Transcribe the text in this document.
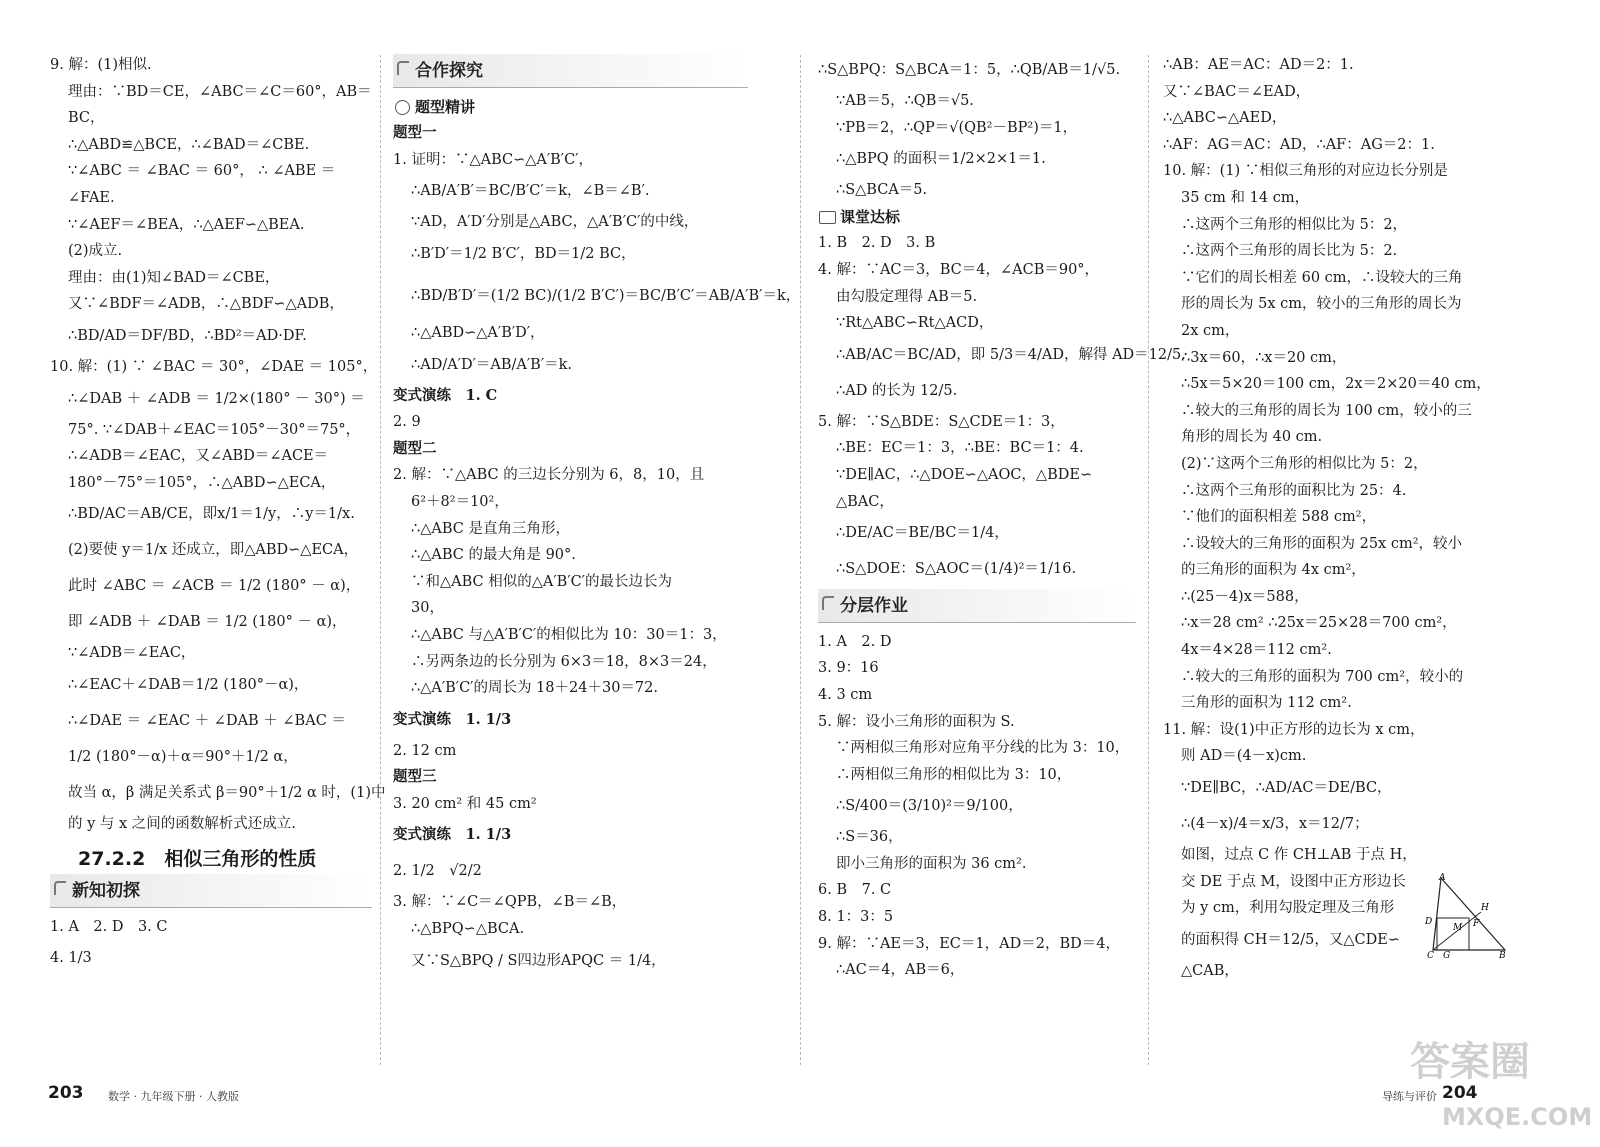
9. 解：(1)相似.
理由：∵BD＝CE，∠ABC＝∠C＝60°，AB＝
BC，
∴△ABD≌△BCE，∴∠BAD＝∠CBE.
∵∠ABC ＝ ∠BAC ＝ 60°， ∴ ∠ABE ＝
∠FAE.
∵∠AEF＝∠BEA，∴△AEF∽△BEA.
(2)成立.
理由：由(1)知∠BAD＝∠CBE，
又∵∠BDF＝∠ADB，∴△BDF∽△ADB，
∴BD/AD＝DF/BD，∴BD²＝AD·DF.
10. 解：(1) ∵ ∠BAC ＝ 30°，∠DAE ＝ 105°，
∴∠DAB ＋ ∠ADB ＝ 1/2×(180° － 30°) ＝
75°. ∵∠DAB＋∠EAC＝105°－30°＝75°，
∴∠ADB＝∠EAC，又∠ABD＝∠ACE＝
180°－75°＝105°，∴△ABD∽△ECA，
∴BD/AC＝AB/CE，即x/1＝1/y，∴y＝1/x.
(2)要使 y＝1/x 还成立，即△ABD∽△ECA，
此时 ∠ABC ＝ ∠ACB ＝ 1/2 (180° － α)，
即 ∠ADB ＋ ∠DAB ＝ 1/2 (180° － α)，
∵∠ADB＝∠EAC，
∴∠EAC＋∠DAB＝1/2 (180°－α)，
∴∠DAE ＝ ∠EAC ＋ ∠DAB ＋ ∠BAC ＝
1/2 (180°－α)＋α＝90°＋1/2 α，
故当 α，β 满足关系式 β＝90°＋1/2 α 时，(1)中
的 y 与 x 之间的函数解析式还成立.
27.2.2　相似三角形的性质
新知初探
1. A　2. D　3. C
4. 1/3
合作探究
题型精讲
题型一
1. 证明：∵△ABC∽△A′B′C′，
∴AB/A′B′＝BC/B′C′＝k，∠B＝∠B′.
∵AD，A′D′分别是△ABC，△A′B′C′的中线，
∴B′D′＝1/2 B′C′，BD＝1/2 BC，
∴BD/B′D′＝(1/2 BC)/(1/2 B′C′)＝BC/B′C′＝AB/A′B′＝k，
∴△ABD∽△A′B′D′，
∴AD/A′D′＝AB/A′B′＝k.
变式演练　1. C
2. 9
题型二
2. 解：∵△ABC 的三边长分别为 6，8，10，且
6²＋8²＝10²，
∴△ABC 是直角三角形，
∴△ABC 的最大角是 90°.
∵和△ABC 相似的△A′B′C′的最长边长为
30，
∴△ABC 与△A′B′C′的相似比为 10：30＝1：3，
∴另两条边的长分别为 6×3＝18，8×3＝24，
∴△A′B′C′的周长为 18＋24＋30＝72.
变式演练　1. 1/3
2. 12 cm
题型三
3. 20 cm² 和 45 cm²
变式演练　1. 1/3
2. 1/2　√2/2
3. 解：∵∠C＝∠QPB，∠B＝∠B，
∴△BPQ∽△BCA.
又∵S△BPQ / S四边形APQC ＝ 1/4，
∴S△BPQ：S△BCA＝1：5，∴QB/AB＝1/√5.
∵AB＝5，∴QB＝√5.
∵PB＝2，∴QP＝√(QB²－BP²)＝1，
∴△BPQ 的面积＝1/2×2×1＝1.
∴S△BCA＝5.
课堂达标
1. B　2. D　3. B
4. 解：∵AC＝3，BC＝4，∠ACB＝90°，
由勾股定理得 AB＝5.
∵Rt△ABC∽Rt△ACD，
∴AB/AC＝BC/AD，即 5/3＝4/AD，解得 AD＝12/5.
∴AD 的长为 12/5.
5. 解：∵S△BDE：S△CDE＝1：3，
∴BE：EC＝1：3，∴BE：BC＝1：4.
∵DE∥AC，∴△DOE∽△AOC，△BDE∽
△BAC，
∴DE/AC＝BE/BC＝1/4，
∴S△DOE：S△AOC＝(1/4)²＝1/16.
分层作业
1. A　2. D
3. 9：16
4. 3 cm
5. 解：设小三角形的面积为 S.
∵两相似三角形对应角平分线的比为 3：10，
∴两相似三角形的相似比为 3：10，
∴S/400＝(3/10)²＝9/100，
∴S＝36，
即小三角形的面积为 36 cm².
6. B　7. C
8. 1：3：5
9. 解：∵AE＝3，EC＝1，AD＝2，BD＝4，
∴AC＝4，AB＝6，
∴AB：AE＝AC：AD＝2：1.
又∵∠BAC＝∠EAD，
∴△ABC∽△AED，
∴AF：AG＝AC：AD，∴AF：AG＝2：1.
10. 解：(1) ∵相似三角形的对应边长分别是
35 cm 和 14 cm，
∴这两个三角形的相似比为 5：2，
∴这两个三角形的周长比为 5：2.
∵它们的周长相差 60 cm，∴设较大的三角
形的周长为 5x cm，较小的三角形的周长为
2x cm，
∴3x＝60，∴x＝20 cm，
∴5x＝5×20＝100 cm，2x＝2×20＝40 cm，
∴较大的三角形的周长为 100 cm，较小的三
角形的周长为 40 cm.
(2)∵这两个三角形的相似比为 5：2，
∴这两个三角形的面积比为 25：4.
∵他们的面积相差 588 cm²，
∴设较大的三角形的面积为 25x cm²，较小
的三角形的面积为 4x cm²，
∴(25－4)x＝588，
∴x＝28 cm² ∴25x＝25×28＝700 cm²，
4x＝4×28＝112 cm².
∴较大的三角形的面积为 700 cm²，较小的
三角形的面积为 112 cm².
11. 解：设(1)中正方形的边长为 x cm，
则 AD＝(4－x)cm.
∵DE∥BC，∴AD/AC＝DE/BC，
∴(4－x)/4＝x/3，x＝12/7；
如图，过点 C 作 CH⊥AB 于点 H，
交 DE 于点 M，设图中正方形边长
为 y cm，利用勾股定理及三角形
的面积得 CH＝12/5，又△CDE∽
△CAB，
A
H
D
M F
C G	B
203 数学 · 九年级下册 · 人教版	导练与评价 204
答案圈
MXQE.COM
